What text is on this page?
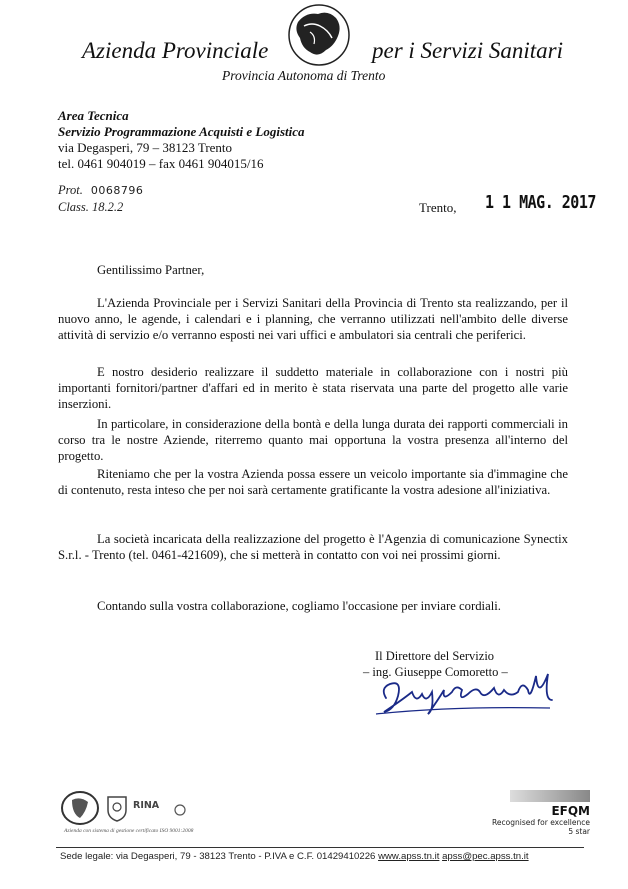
Azienda Provinciale	per i Servizi Sanitari
Provincia Autonoma di Trento
Area Tecnica
Servizio Programmazione Acquisti e Logistica
via Degasperi, 79 – 38123 Trento
tel. 0461 904019 – fax 0461 904015/16
Prot. 0068796
Class. 18.2.2	Trento, 1 1 MAG. 2017
Gentilissimo Partner,

L'Azienda Provinciale per i Servizi Sanitari della Provincia di Trento sta realizzando, per il nuovo anno, le agende, i calendari e i planning, che verranno utilizzati nell'ambito delle diverse attività di servizio e/o verranno esposti nei vari uffici e ambulatori sia centrali che periferici.

E nostro desiderio realizzare il suddetto materiale in collaborazione con i nostri più importanti fornitori/partner d'affari ed in merito è stata riservata una parte del progetto alle varie inserzioni.

In particolare, in considerazione della bontà e della lunga durata dei rapporti commerciali in corso tra le nostre Aziende, riterremo quanto mai opportuna la vostra presenza all'interno del progetto.

Riteniamo che per la vostra Azienda possa essere un veicolo importante sia d'immagine che di contenuto, resta inteso che per noi sarà certamente gratificante la vostra adesione all'iniziativa.

La società incaricata della realizzazione del progetto è l'Agenzia di comunicazione Synectix S.r.l. - Trento (tel. 0461-421609), che si metterà in contatto con voi nei prossimi giorni.

Contando sulla vostra collaborazione, cogliamo l'occasione per inviare cordiali.

Il Direttore del Servizio
– ing. Giuseppe Comoretto –
RINA
Azienda con sistema di gestione certificato ISO 9001:2008
EFQM
Recognised for excellence
5 star
Sede legale: via Degasperi, 79 - 38123 Trento - P.IVA e C.F. 01429410226 www.apss.tn.it apss@pec.apss.tn.it
